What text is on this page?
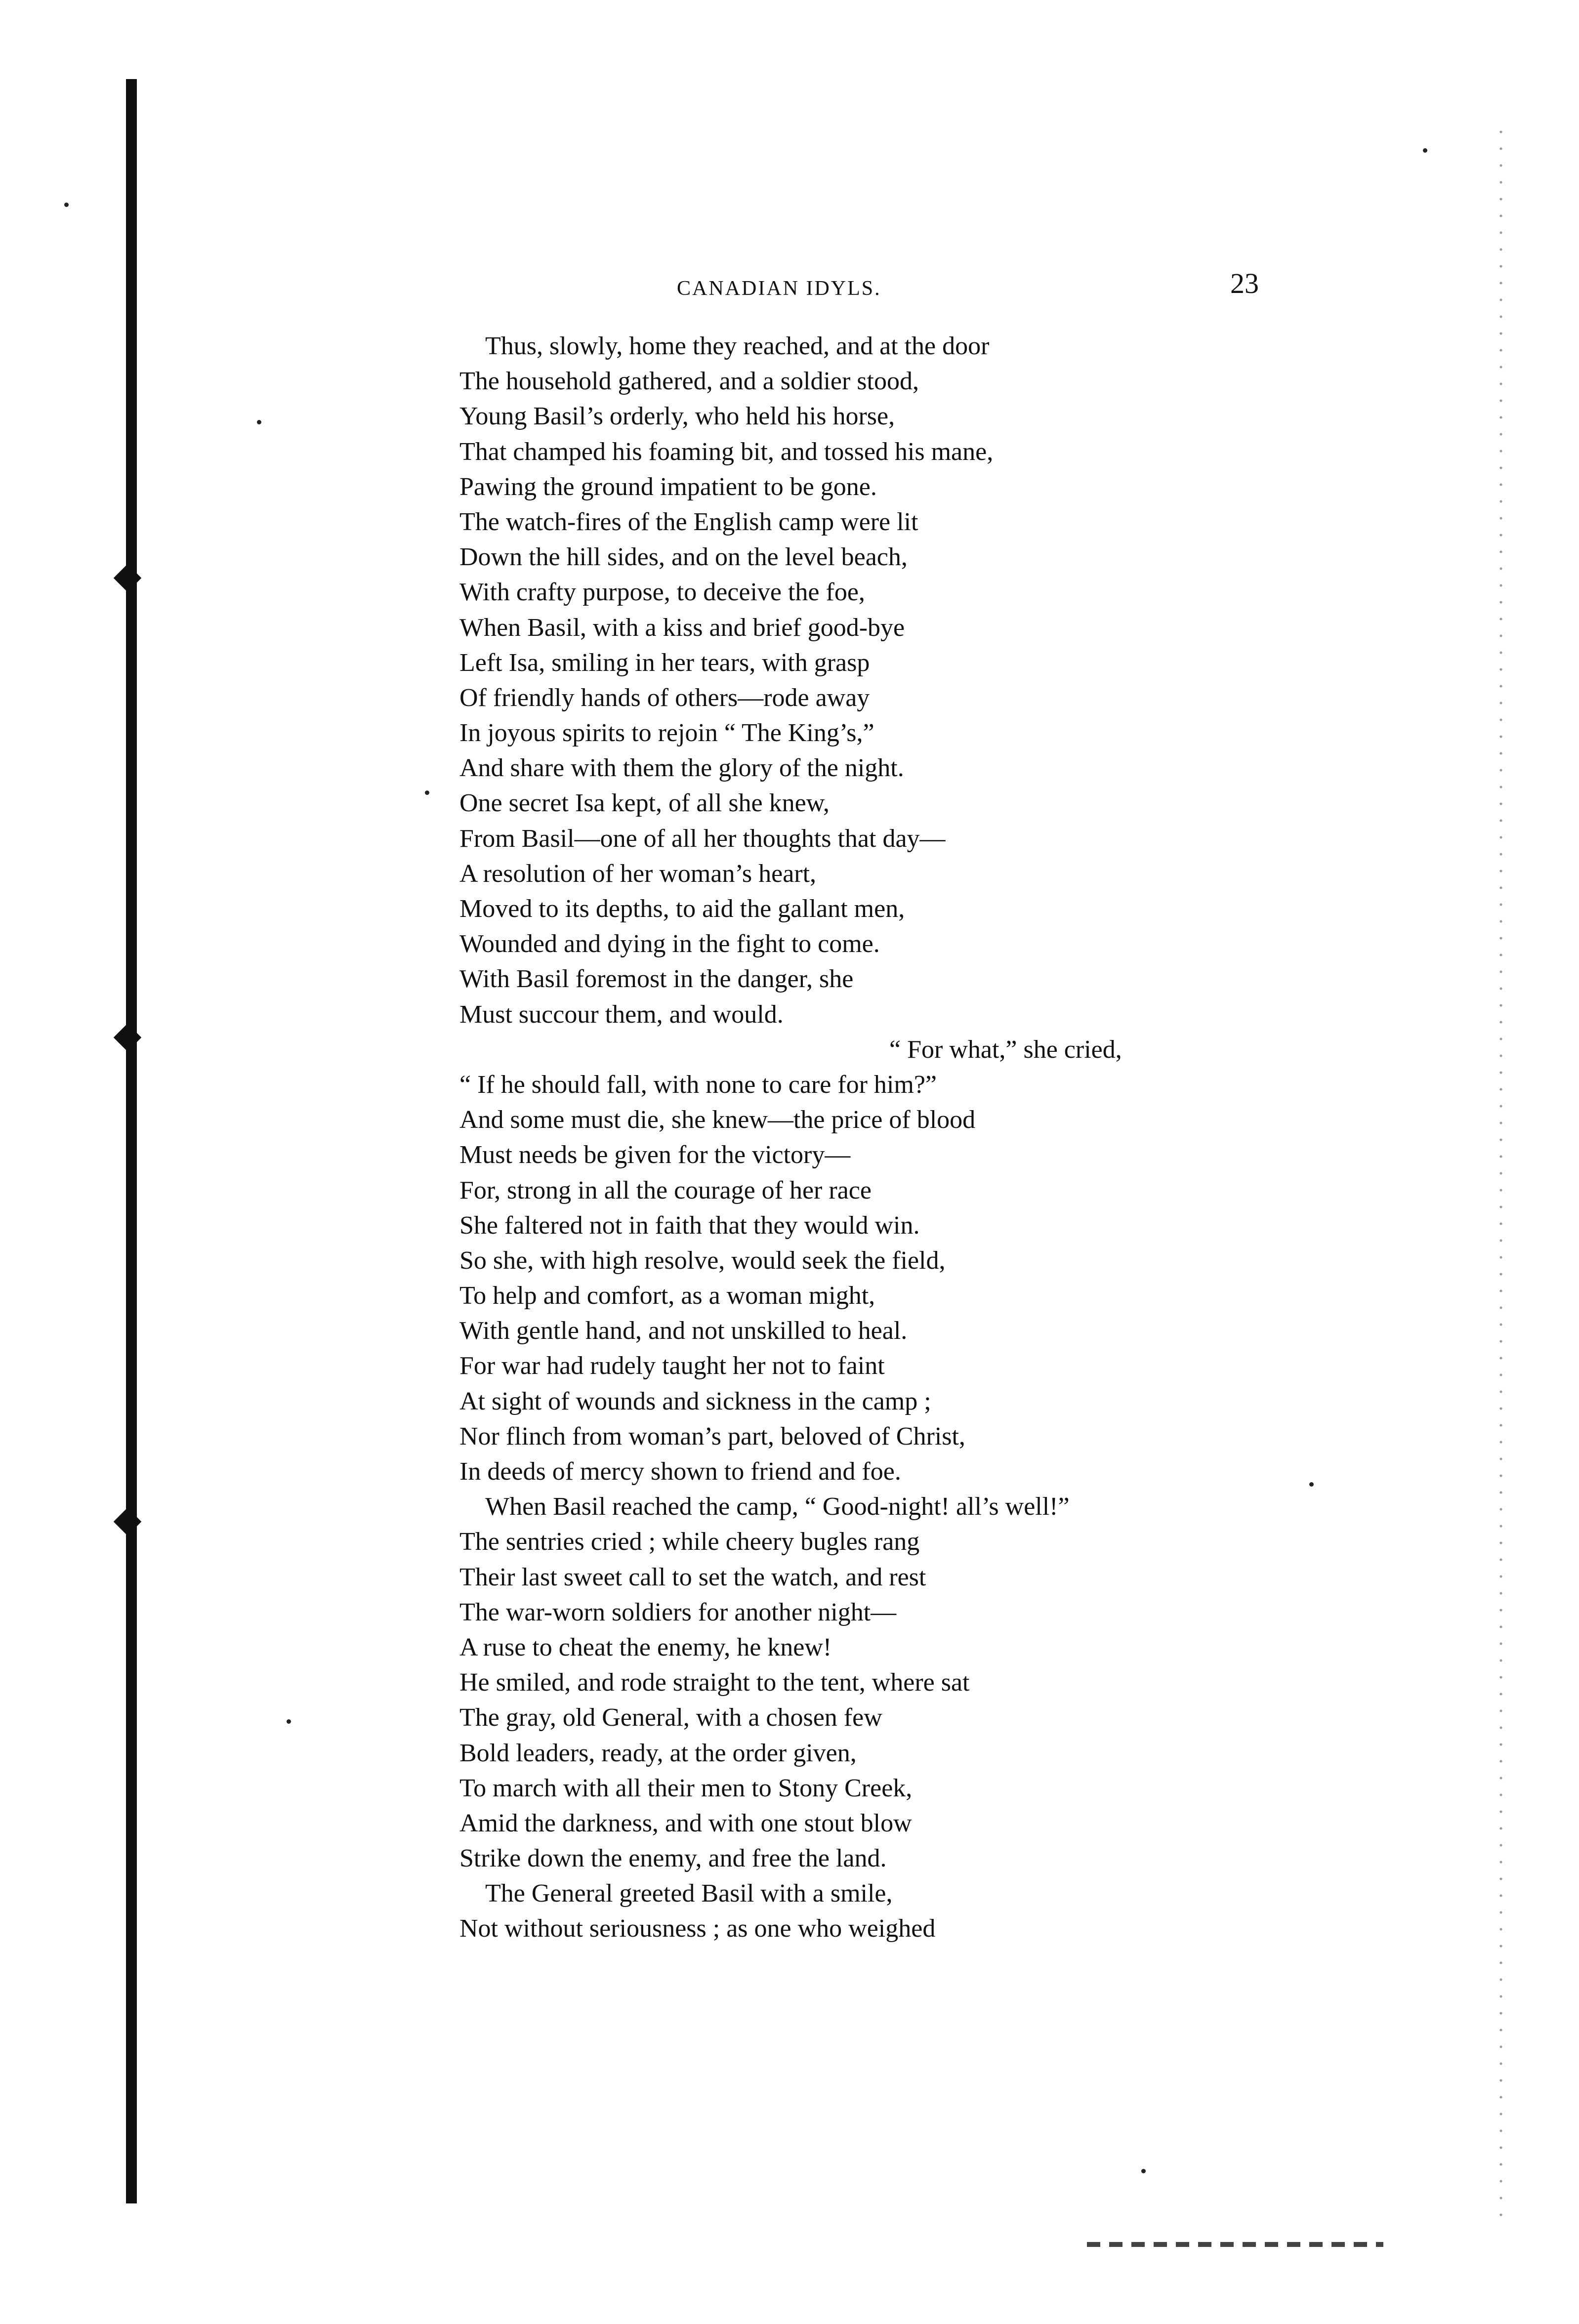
CANADIAN IDYLS.	23
Thus, slowly, home they reached, and at the door
The household gathered, and a soldier stood,
Young Basil’s orderly, who held his horse,
That champed his foaming bit, and tossed his mane,
Pawing the ground impatient to be gone.
The watch-fires of the English camp were lit
Down the hill sides, and on the level beach,
With crafty purpose, to deceive the foe,
When Basil, with a kiss and brief good-bye
Left Isa, smiling in her tears, with grasp
Of friendly hands of others—rode away
In joyous spirits to rejoin “ The King’s,”
And share with them the glory of the night.
One secret Isa kept, of all she knew,
From Basil—one of all her thoughts that day—
A resolution of her woman’s heart,
Moved to its depths, to aid the gallant men,
Wounded and dying in the fight to come.
With Basil foremost in the danger, she
Must succour them, and would.
“ For what,” she cried,
“ If he should fall, with none to care for him?”
And some must die, she knew—the price of blood
Must needs be given for the victory—
For, strong in all the courage of her race
She faltered not in faith that they would win.
So she, with high resolve, would seek the field,
To help and comfort, as a woman might,
With gentle hand, and not unskilled to heal.
For war had rudely taught her not to faint
At sight of wounds and sickness in the camp ;
Nor flinch from woman’s part, beloved of Christ,
In deeds of mercy shown to friend and foe.
When Basil reached the camp, “ Good-night! all’s well!”
The sentries cried ; while cheery bugles rang
Their last sweet call to set the watch, and rest
The war-worn soldiers for another night—
A ruse to cheat the enemy, he knew!
He smiled, and rode straight to the tent, where sat
The gray, old General, with a chosen few
Bold leaders, ready, at the order given,
To march with all their men to Stony Creek,
Amid the darkness, and with one stout blow
Strike down the enemy, and free the land.
The General greeted Basil with a smile,
Not without seriousness ; as one who weighed
